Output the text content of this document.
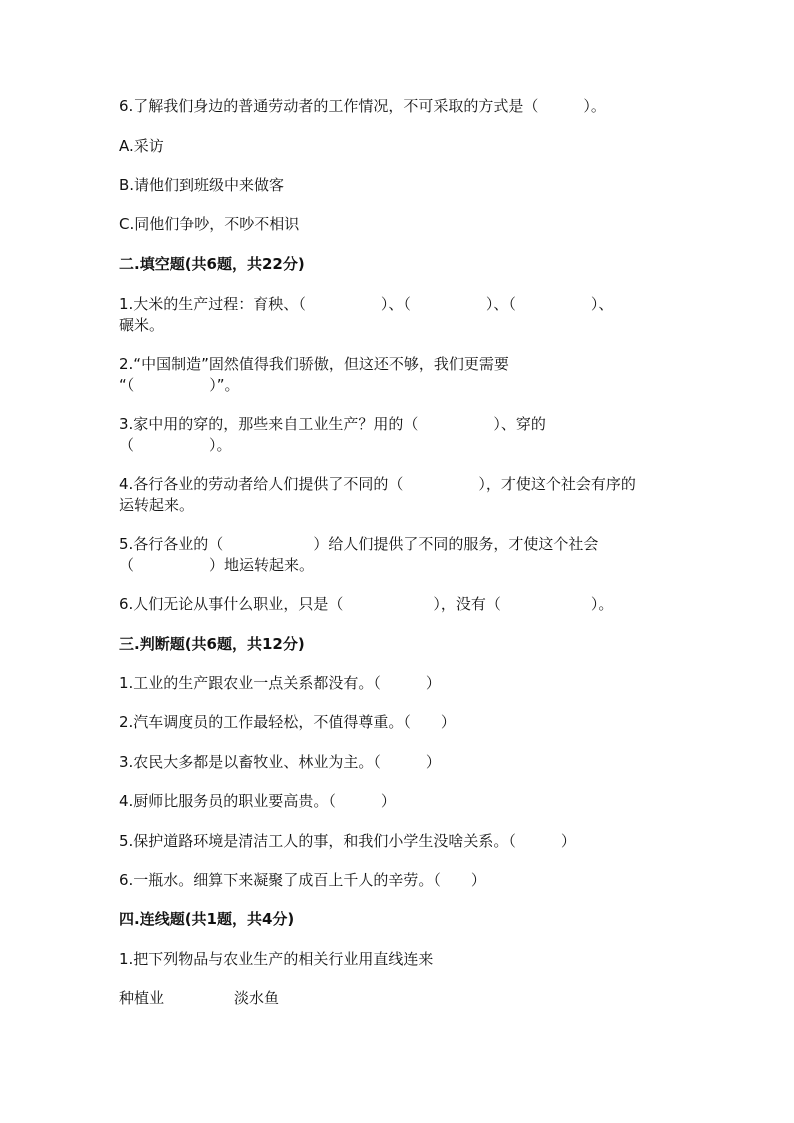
6.了解我们身边的普通劳动者的工作情况，不可采取的方式是（　　　）。
A.采访
B.请他们到班级中来做客
C.同他们争吵，不吵不相识
二.填空题(共6题，共22分)
1.大米的生产过程：育秧、（　　　　　）、（　　　　　）、（　　　　　）、
碾米。
2.“中国制造”固然值得我们骄傲，但这还不够，我们更需要
“（　　　　　）”。
3.家中用的穿的，那些来自工业生产？用的（　　　　　）、穿的
（　　　　　）。
4.各行各业的劳动者给人们提供了不同的（　　　　　），才使这个社会有序的
运转起来。
5.各行各业的（　　　　　　）给人们提供了不同的服务，才使这个社会
（　　　　　）地运转起来。
6.人们无论从事什么职业，只是（　　　　　　），没有（　　　　　　）。
三.判断题(共6题，共12分)
1.工业的生产跟农业一点关系都没有。（　　　）
2.汽车调度员的工作最轻松，不值得尊重。（　　）
3.农民大多都是以畜牧业、林业为主。（　　　）
4.厨师比服务员的职业要高贵。（　　　）
5.保护道路环境是清洁工人的事，和我们小学生没啥关系。（　　　）
6.一瓶水。细算下来凝聚了成百上千人的辛劳。（　　）
四.连线题(共1题，共4分)
1.把下列物品与农业生产的相关行业用直线连来
种植业	淡水鱼
